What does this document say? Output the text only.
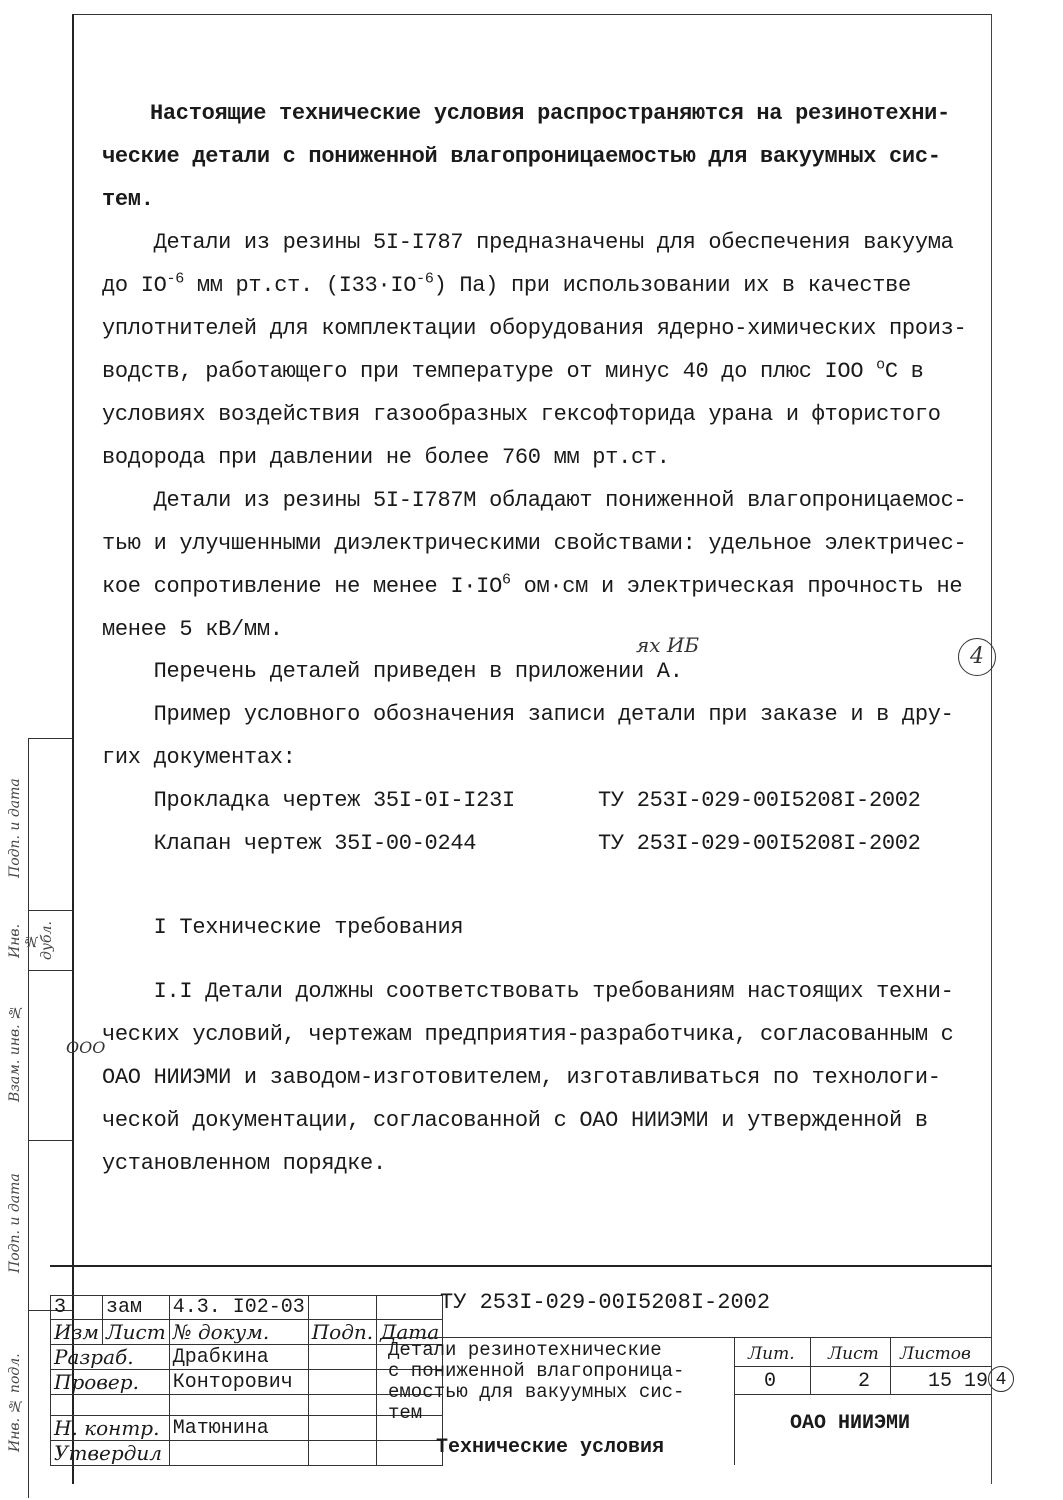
Настоящие технические условия распространяются на резинотехни-
ческие детали с пониженной влагопроницаемостью для вакуумных сис-
тем.

Детали из резины 5I-I787 предназначены для обеспечения вакуума
до $IO^{-6}$ мм рт.ст. $(I33\cdot IO^{-6})$ Па) при использовании их в качестве
уплотнителей для комплектации оборудования ядерно-химических произ-
водств, работающего при температуре от минус 40 до плюс IOO $^о$С в
условиях воздействия газообразных гексофторида урана и фтористого
водорода при давлении не более 760 мм рт.ст.

Детали из резины 5I-I787М обладают пониженной влагопроницаемос-
тью и улучшенными диэлектрическими свойствами: удельное электричес-
кое сопротивление не менее $I\cdot IO^6$ ом·см и электрическая прочность не
менее 5 кВ/мм.

Перечень деталей приведен в приложении А.

ях ИБ	4

Пример условного обозначения записи детали при заказе и в дру-
гих документах:

Прокладка чертеж 35I-0I-I23I	ТУ 253I-029-00I5208I-2002

Клапан чертеж 35I-00-0244	ТУ 253I-029-00I5208I-2002

I Технические требования

I.I Детали должны соответствовать требованиям настоящих техни-
ческих условий, чертежам предприятия-разработчика, согласованным с
ОАО НИИЭМИ и заводом-изготовителем, изготавливаться по технологи-
ческой документации, согласованной с ОАО НИИЭМИ и утвержденной в
установленном порядке.

ООО
Подп. и дата
Инв. № дубл.
Взам. инв. №
Подп. и дата
Инв. № подл.
3	зам	4.3. I02-03		
Изм	Лист	№ докум.	Подп.	Дата
Разраб.		Драбкина		
Провер.		Конторович		

Н. контр.		Матюнина		
Утвердил				
ТУ 253I-029-00I5208I-2002
Детали резинотехнические
с пониженной влагопроница-
емостью для вакуумных сис-
тем
Технические условия
Лит. Лист Листов
0	2	15 19 4
ОАО НИИЭМИ
